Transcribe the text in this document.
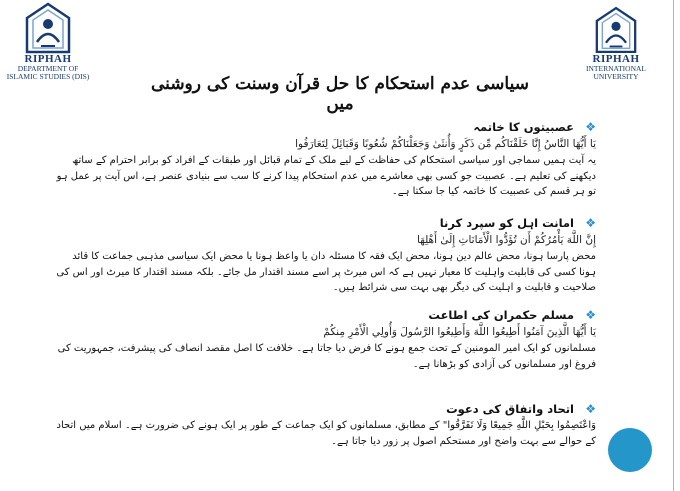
RIPHAH
DEPARTMENT OF
ISLAMIC STUDIES (DIS)
RIPHAH
INTERNATIONAL
UNIVERSITY
سیاسی عدم استحکام کا حل قرآن وسنت کی روشنی میں
❖
عصبیتوں کا خاتمہ
يَا أَيُّهَا النَّاسُ إِنَّا خَلَقْنَاكُم مِّن ذَكَرٍ وَأُنثَىٰ وَجَعَلْنَاكُمْ شُعُوبًا وَقَبَائِلَ لِتَعَارَفُوا
یہ آیت ہمیں سماجی اور سیاسی استحکام کی حفاظت کے لیے ملک کے تمام قبائل اور طبقات کے افراد کو برابر احترام کے ساتھ دیکھنے کی تعلیم ہے۔ عصبیت جو کسی بھی معاشرے میں عدم استحکام پیدا کرنے کا سب سے بنیادی عنصر ہے، اس آیت پر عمل ہو تو ہر قسم کی عصبیت کا خاتمہ کیا جا سکتا ہے۔
❖
امانت اہل کو سپرد کرنا
إِنَّ اللَّهَ يَأْمُرُكُمْ أَن تُؤَدُّوا الْأَمَانَاتِ إِلَىٰ أَهْلِهَا
محض پارسا ہونا، محض عالم دین ہونا، محض ایک فقہ کا مسئلہ دان یا واعظ ہونا یا محض ایک سیاسی مذہبی جماعت کا قائد ہونا کسی کی قابلیت واہلیت کا معیار نہیں ہے کہ اس میرٹ پر اسے مسند اقتدار مل جائے۔ بلکہ مسند اقتدار کا میرٹ اور اس کی صلاحیت و قابلیت و اہلیت کی دیگر بھی بہت سی شرائط ہیں۔
❖
مسلم حکمران کی اطاعت
يَا أَيُّهَا الَّذِينَ آمَنُوا أَطِيعُوا اللَّهَ وَأَطِيعُوا الرَّسُولَ وَأُولِي الْأَمْرِ مِنكُمْ
مسلمانوں کو ایک امیر المومنین کے تحت جمع ہونے کا فرض دیا جاتا ہے۔ خلافت کا اصل مقصد انصاف کی پیشرفت، جمہوریت کی فروغ اور مسلمانوں کی آزادی کو بڑھانا ہے۔
❖
اتحاد واتفاق کی دعوت
وَاعْتَصِمُوا بِحَبْلِ اللَّهِ جَمِيعًا وَلَا تَفَرَّقُوا" کے مطابق، مسلمانوں کو ایک جماعت کے طور پر ایک ہونے کی ضرورت ہے۔ اسلام میں اتحاد کے حوالے سے بہت واضح اور مستحکم اصول پر زور دیا جاتا ہے۔
